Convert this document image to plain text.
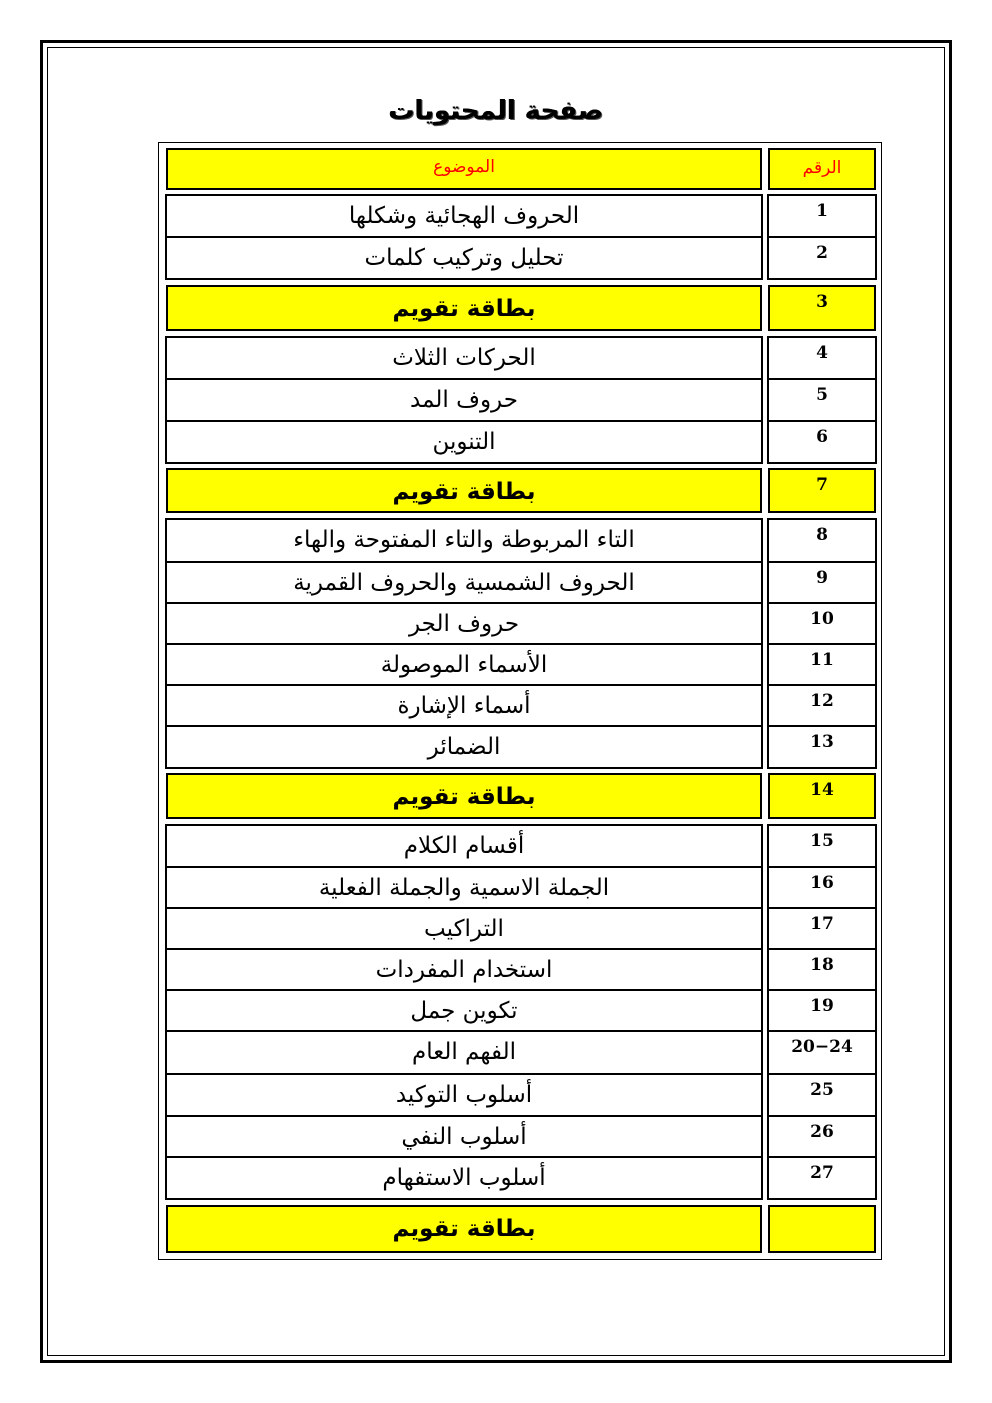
صفحة المحتويات
الموضوع	الرقم
الحروف الهجائية وشكلها	1
تحليل وتركيب كلمات	2
بطاقة تقويم	3
الحركات الثلاث	4
حروف المد	5
التنوين	6
بطاقة تقويم	7
التاء المربوطة والتاء المفتوحة والهاء	8
الحروف الشمسية والحروف القمرية	9
حروف الجر	10
الأسماء الموصولة	11
أسماء الإشارة	12
الضمائر	13
بطاقة تقويم	14
أقسام الكلام	15
الجملة الاسمية والجملة الفعلية	16
التراكيب	17
استخدام المفردات	18
تكوين جمل	19
الفهم العام	20−24
أسلوب التوكيد	25
أسلوب النفي	26
أسلوب الاستفهام	27
بطاقة تقويم
